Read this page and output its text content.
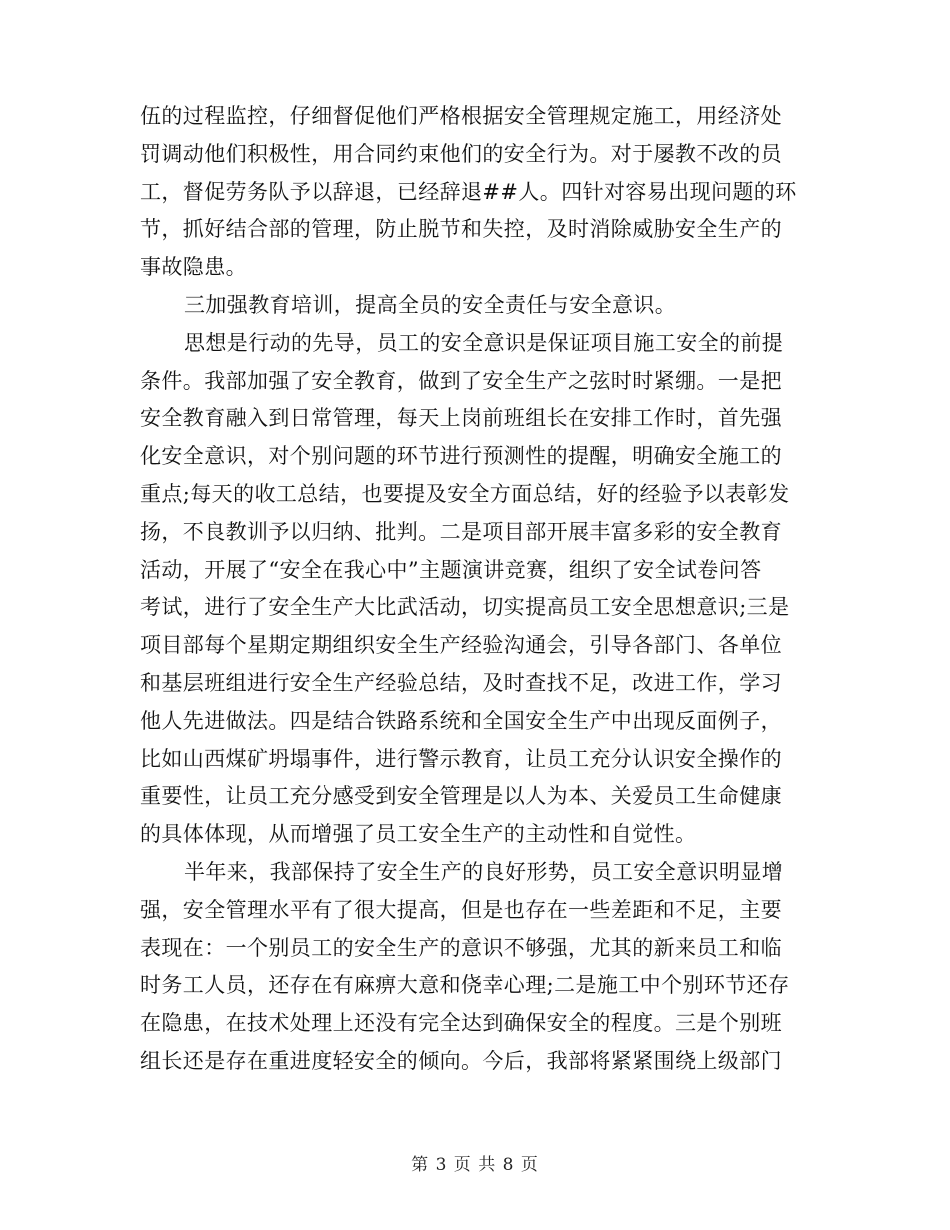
伍的过程监控，仔细督促他们严格根据安全管理规定施工，用经济处
罚调动他们积极性，用合同约束他们的安全行为。对于屡教不改的员
工，督促劳务队予以辞退，已经辞退##人。四针对容易出现问题的环
节，抓好结合部的管理，防止脱节和失控，及时消除威胁安全生产的
事故隐患。
三加强教育培训，提高全员的安全责任与安全意识。
思想是行动的先导，员工的安全意识是保证项目施工安全的前提
条件。我部加强了安全教育，做到了安全生产之弦时时紧绷。一是把
安全教育融入到日常管理，每天上岗前班组长在安排工作时，首先强
化安全意识，对个别问题的环节进行预测性的提醒，明确安全施工的
重点;每天的收工总结，也要提及安全方面总结，好的经验予以表彰发
扬，不良教训予以归纳、批判。二是项目部开展丰富多彩的安全教育
活动，开展了“安全在我心中”主题演讲竞赛，组织了安全试卷问答
考试，进行了安全生产大比武活动，切实提高员工安全思想意识;三是
项目部每个星期定期组织安全生产经验沟通会，引导各部门、各单位
和基层班组进行安全生产经验总结，及时查找不足，改进工作，学习
他人先进做法。四是结合铁路系统和全国安全生产中出现反面例子，
比如山西煤矿坍塌事件，进行警示教育，让员工充分认识安全操作的
重要性，让员工充分感受到安全管理是以人为本、关爱员工生命健康
的具体体现，从而增强了员工安全生产的主动性和自觉性。
半年来，我部保持了安全生产的良好形势，员工安全意识明显增
强，安全管理水平有了很大提高，但是也存在一些差距和不足，主要
表现在：一个别员工的安全生产的意识不够强，尤其的新来员工和临
时务工人员，还存在有麻痹大意和侥幸心理;二是施工中个别环节还存
在隐患，在技术处理上还没有完全达到确保安全的程度。三是个别班
组长还是存在重进度轻安全的倾向。今后，我部将紧紧围绕上级部门
第 3 页 共 8 页
